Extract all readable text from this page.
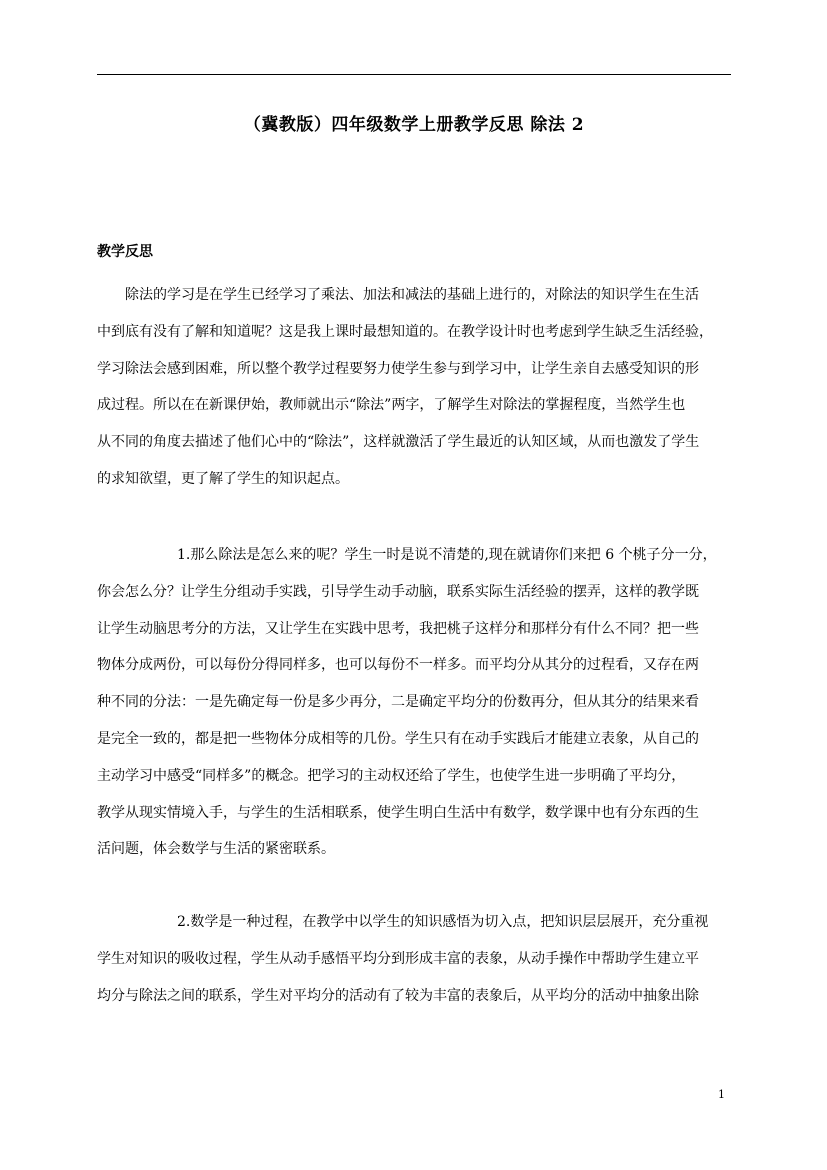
（冀教版）四年级数学上册教学反思 除法 2
教学反思
除法的学习是在学生已经学习了乘法、加法和减法的基础上进行的，对除法的知识学生在生活
中到底有没有了解和知道呢？这是我上课时最想知道的。在教学设计时也考虑到学生缺乏生活经验，
学习除法会感到困难，所以整个教学过程要努力使学生参与到学习中，让学生亲自去感受知识的形
成过程。所以在在新课伊始，教师就出示“除法”两字，了解学生对除法的掌握程度，当然学生也
从不同的角度去描述了他们心中的“除法”，这样就激活了学生最近的认知区域，从而也激发了学生
的求知欲望，更了解了学生的知识起点。
1.那么除法是怎么来的呢？学生一时是说不清楚的,现在就请你们来把 6 个桃子分一分，
你会怎么分？让学生分组动手实践，引导学生动手动脑，联系实际生活经验的摆弄，这样的教学既
让学生动脑思考分的方法，又让学生在实践中思考，我把桃子这样分和那样分有什么不同？把一些
物体分成两份，可以每份分得同样多，也可以每份不一样多。而平均分从其分的过程看，又存在两
种不同的分法：一是先确定每一份是多少再分，二是确定平均分的份数再分，但从其分的结果来看
是完全一致的，都是把一些物体分成相等的几份。学生只有在动手实践后才能建立表象，从自己的
主动学习中感受“同样多”的概念。把学习的主动权还给了学生，也使学生进一步明确了平均分，
教学从现实情境入手，与学生的生活相联系，使学生明白生活中有数学，数学课中也有分东西的生
活问题，体会数学与生活的紧密联系。
2.数学是一种过程，在教学中以学生的知识感悟为切入点，把知识层层展开，充分重视
学生对知识的吸收过程，学生从动手感悟平均分到形成丰富的表象，从动手操作中帮助学生建立平
均分与除法之间的联系，学生对平均分的活动有了较为丰富的表象后，从平均分的活动中抽象出除
1
